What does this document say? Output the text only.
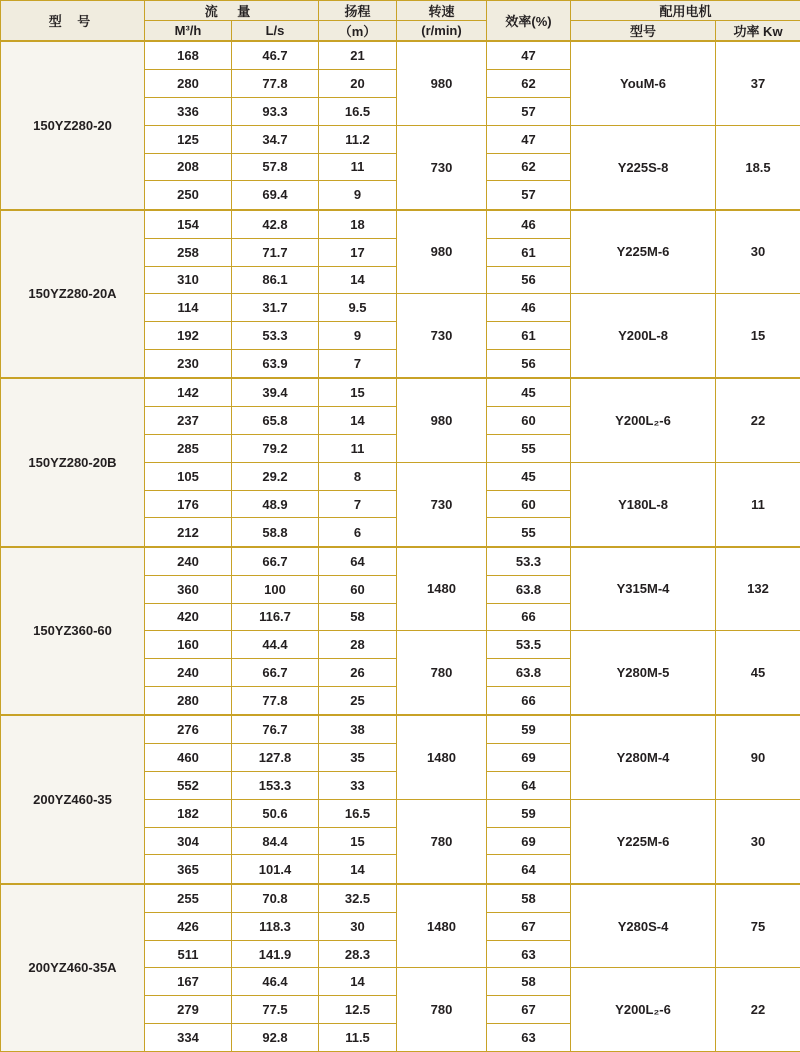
型 号	流 量		扬程	转速	效率(%)	配用电机	
	M³/h	L/s	（m）	(r/min)		型号	功率 Kw
150YZ280-20	168	46.7	21	980	47	YouM-6	37
	280	77.8	20		62		
	336	93.3	16.5		57		
	125	34.7	11.2	730	47	Y225S-8	18.5
	208	57.8	11		62		
	250	69.4	9		57		
150YZ280-20A	154	42.8	18	980	46	Y225M-6	30
	258	71.7	17		61		
	310	86.1	14		56		
	114	31.7	9.5	730	46	Y200L-8	15
	192	53.3	9		61		
	230	63.9	7		56		
150YZ280-20B	142	39.4	15	980	45	Y200L₂-6	22
	237	65.8	14		60		
	285	79.2	11		55		
	105	29.2	8	730	45	Y180L-8	11
	176	48.9	7		60		
	212	58.8	6		55		
150YZ360-60	240	66.7	64	1480	53.3	Y315M-4	132
	360	100	60		63.8		
	420	116.7	58		66		
	160	44.4	28	780	53.5	Y280M-5	45
	240	66.7	26		63.8		
	280	77.8	25		66		
200YZ460-35	276	76.7	38	1480	59	Y280M-4	90
	460	127.8	35		69		
	552	153.3	33		64		
	182	50.6	16.5	780	59	Y225M-6	30
	304	84.4	15		69		
	365	101.4	14		64		
200YZ460-35A	255	70.8	32.5	1480	58	Y280S-4	75
	426	118.3	30		67		
	511	141.9	28.3		63		
	167	46.4	14	780	58	Y200L₂-6	22
	279	77.5	12.5		67		
	334	92.8	11.5		63		
